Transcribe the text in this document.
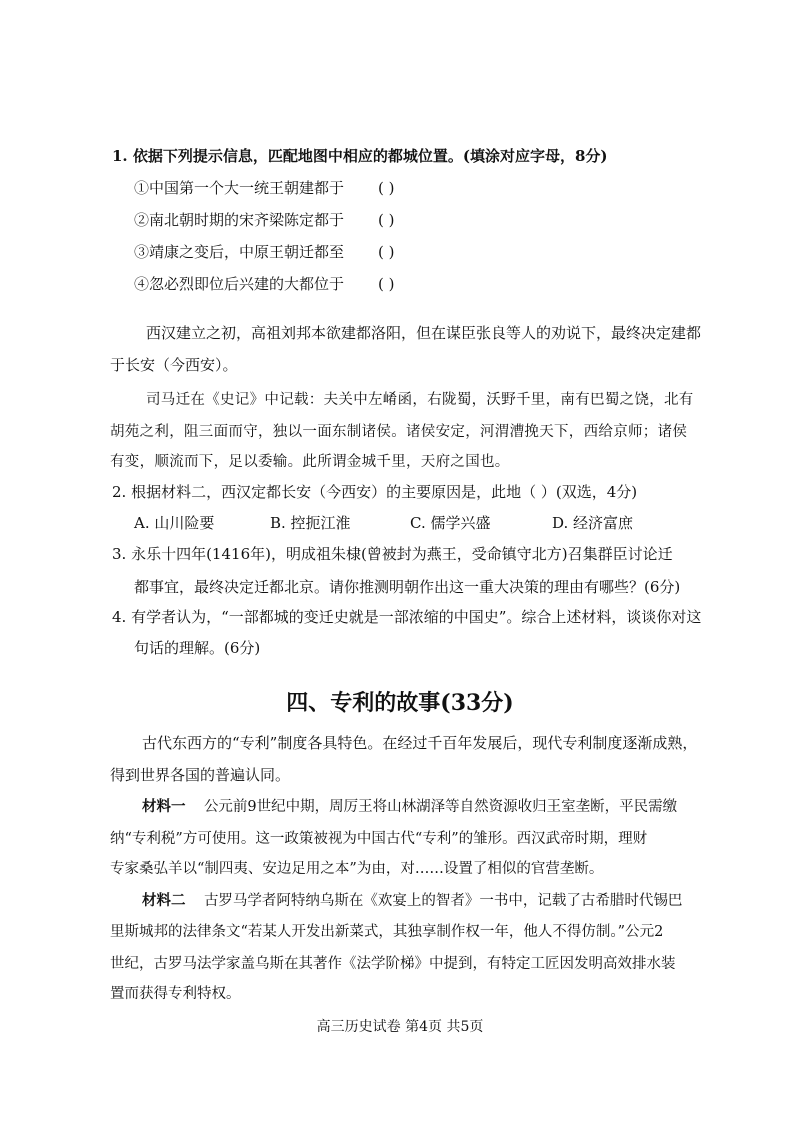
1. 依据下列提示信息，匹配地图中相应的都城位置。(填涂对应字母，8分)
①中国第一个大一统王朝建都于 ( )
②南北朝时期的宋齐梁陈定都于 ( )
③靖康之变后，中原王朝迁都至 ( )
④忽必烈即位后兴建的大都位于 ( )
西汉建立之初，高祖刘邦本欲建都洛阳，但在谋臣张良等人的劝说下，最终决定建都
于长安（今西安）。
司马迁在《史记》中记载：夫关中左崤函，右陇蜀，沃野千里，南有巴蜀之饶，北有
胡苑之利，阻三面而守，独以一面东制诸侯。诸侯安定，河渭漕挽天下，西给京师；诸侯
有变，顺流而下，足以委输。此所谓金城千里，天府之国也。
2. 根据材料二，西汉定都长安（今西安）的主要原因是，此地（ ）(双选，4分)
A. 山川险要	B. 控扼江淮	C. 儒学兴盛	D. 经济富庶
3. 永乐十四年(1416年)，明成祖朱棣(曾被封为燕王，受命镇守北方)召集群臣讨论迁
都事宜，最终决定迁都北京。请你推测明朝作出这一重大决策的理由有哪些？(6分)
4. 有学者认为，“一部都城的变迁史就是一部浓缩的中国史”。综合上述材料，谈谈你对这
句话的理解。(6分)
四、专利的故事(33分)
古代东西方的“专利”制度各具特色。在经过千百年发展后，现代专利制度逐渐成熟，
得到世界各国的普遍认同。
材料一 公元前9世纪中期，周厉王将山林湖泽等自然资源收归王室垄断，平民需缴
纳“专利税”方可使用。这一政策被视为中国古代“专利”的雏形。西汉武帝时期，理财
专家桑弘羊以“制四夷、安边足用之本”为由，对……设置了相似的官营垄断。
材料二 古罗马学者阿特纳乌斯在《欢宴上的智者》一书中，记载了古希腊时代锡巴
里斯城邦的法律条文“若某人开发出新菜式，其独享制作权一年，他人不得仿制。”公元2
世纪，古罗马法学家盖乌斯在其著作《法学阶梯》中提到，有特定工匠因发明高效排水装
置而获得专利特权。
高三历史试卷 第4页 共5页
